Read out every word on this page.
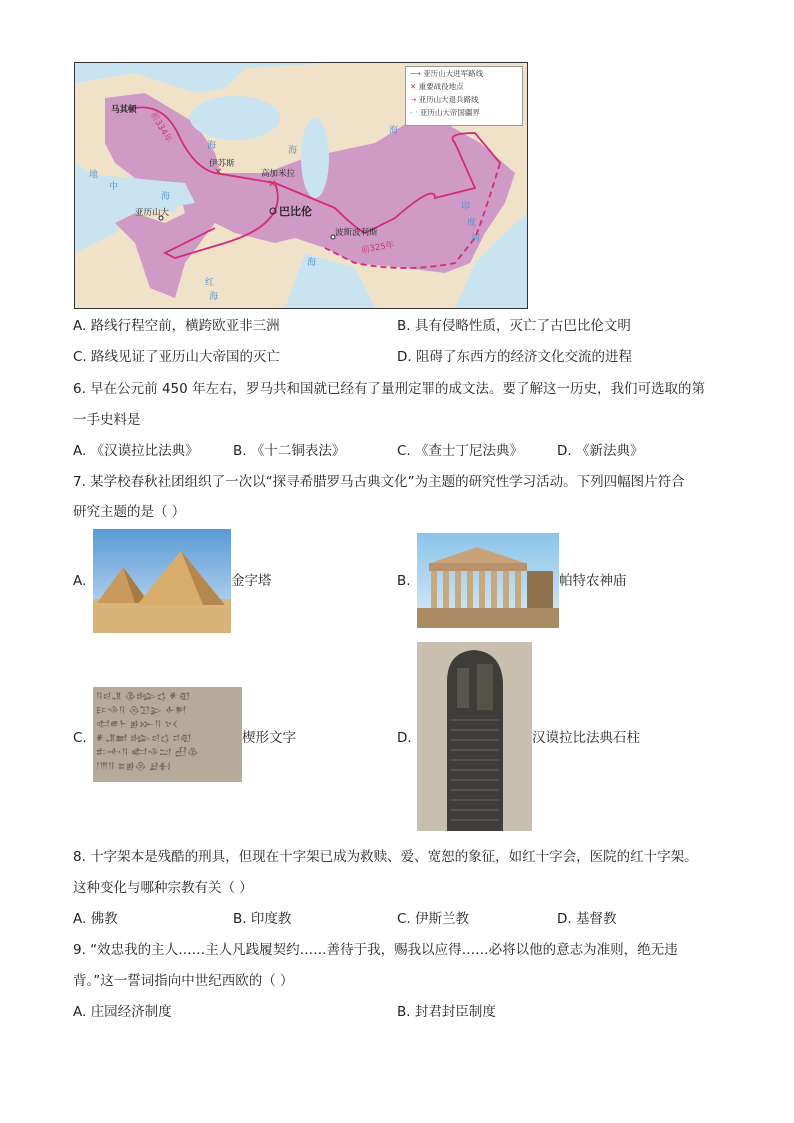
✕
✕
⟶ 亚历山大进军路线
✕ 重要战役地点
⇢ 亚历山大退兵路线
- · 亚历山大帝国疆界
马其顿
前334年
伊苏斯
高加米拉
巴比伦
亚历山大
波斯波利斯
前325年
海
地
中
海
海
海
红
海
海
印
度
河
A. 路线行程空前，横跨欧亚非三洲	B. 具有侵略性质，灭亡了古巴比伦文明
C. 路线见证了亚历山大帝国的灭亡	D. 阻碍了东西方的经济文化交流的进程
6. 早在公元前 450 年左右，罗马共和国就已经有了量刑定罪的成文法。要了解这一历史，我们可选取的第
一手史料是
A. 《汉谟拉比法典》	B. 《十二铜表法》	C. 《查士丁尼法典》	D. 《新法典》
7. 某学校春秋社团组织了一次以“探寻希腊罗马古典文化”为主题的研究性学习活动。下列四幅图片符合
研究主题的是（ ）
A.	金字塔	B.	帕特农神庙
C.
𒀀𒁀𒂗 𒆠𒈗𒌓 𒀭𒊏
𒄿𒈾𒀀 𒁲𒋛𒉌 𒅆𒂍
𒊕𒌑𒈨 𒂊𒁍𒀀 𒆳𒌋
𒀭𒂗𒆤 𒈗𒁀𒌓 𒄑𒊏
𒉺𒋾𒀀 𒅗𒈾𒁺 𒌷𒆠
𒁹𒐈𒀀 𒊺𒂊𒁲 𒋗𒈬
楔形文字	D.	汉谟拉比法典石柱
8. 十字架本是残酷的刑具，但现在十字架已成为救赎、爱、宽恕的象征，如红十字会，医院的红十字架。
这种变化与哪种宗教有关（ ）
A. 佛教	B. 印度教	C. 伊斯兰教	D. 基督教
9. “效忠我的主人……主人凡践履契约……善待于我，赐我以应得……必将以他的意志为准则，绝无违
背。”这一誓词指向中世纪西欧的（ ）
A. 庄园经济制度	B. 封君封臣制度
